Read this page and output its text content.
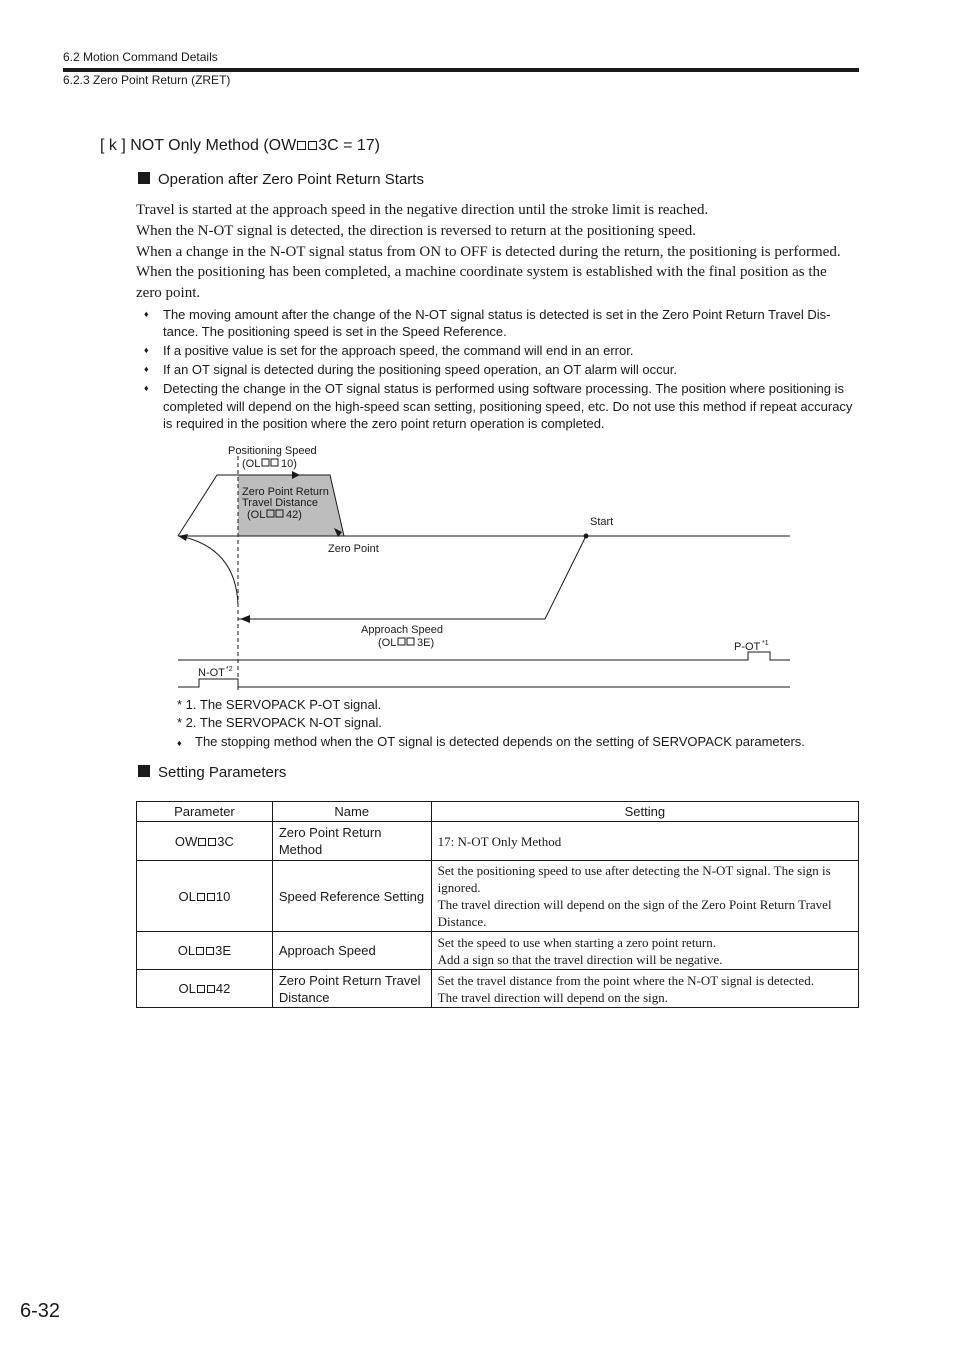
6.2 Motion Command Details
6.2.3 Zero Point Return (ZRET)
[ k ] NOT Only Method (OW 3C = 17)
Operation after Zero Point Return Starts
Travel is started at the approach speed in the negative direction until the stroke limit is reached.
When the N-OT signal is detected, the direction is reversed to return at the positioning speed.
When a change in the N-OT signal status from ON to OFF is detected during the return, the positioning is performed.
When the positioning has been completed, a machine coordinate system is established with the final position as the
zero point.
♦ The moving amount after the change of the N-OT signal status is detected is set in the Zero Point Return Travel Dis-tance. The positioning speed is set in the Speed Reference.
♦ If a positive value is set for the approach speed, the command will end in an error.
♦ If an OT signal is detected during the positioning speed operation, an OT alarm will occur.
♦ Detecting the change in the OT signal status is performed using software processing. The position where positioning is completed will depend on the high-speed scan setting, positioning speed, etc. Do not use this method if repeat accuracy is required in the position where the zero point return operation is completed.
Positioning Speed
(OL 10)
Zero Point Return
Travel Distance
(OL 42)
Start
Zero Point
Approach Speed
(OL 3E)	P-OT *1
N-OT *2
* 1. The SERVOPACK P-OT signal.
* 2. The SERVOPACK N-OT signal.
♦ The stopping method when the OT signal is detected depends on the setting of SERVOPACK parameters.
Setting Parameters
Parameter	Name	Setting
OW 3C	Zero Point Return Method	17: N-OT Only Method

OL 10	Speed Reference Setting	Set the positioning speed to use after detecting the N-OT signal. The sign is ignored.
The travel direction will depend on the sign of the Zero Point Return Travel Distance.

OL 3E	Approach Speed	Set the speed to use when starting a zero point return.
Add a sign so that the travel direction will be negative.

OL 42	Zero Point Return Travel Distance	Set the travel distance from the point where the N-OT signal is detected.
The travel direction will depend on the sign.
6-32
